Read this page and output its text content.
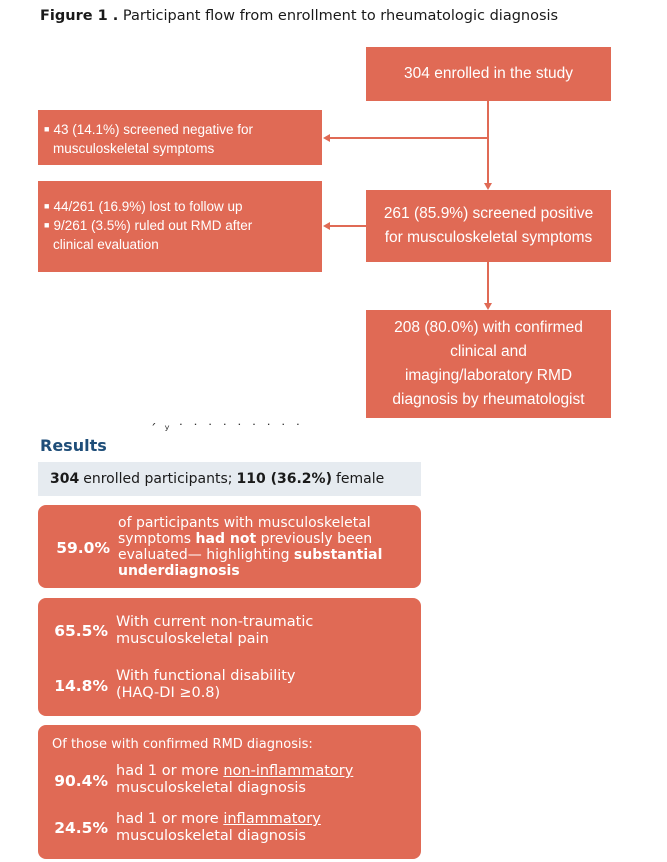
Figure 1 . Participant flow from enrollment to rheumatologic diagnosis
304 enrolled in the study
■ 43 (14.1%) screened negative for
musculoskeletal symptoms
■ 44/261 (16.9%) lost to follow up
■ 9/261 (3.5%) ruled out RMD after
clinical evaluation
261 (85.9%) screened positive
for musculoskeletal symptoms
208 (80.0%) with confirmed
clinical and
imaging/laboratory RMD
diagnosis by rheumatologist
ˊ ʸ ˙ ˙ ˙ ˙ ˙ ˙ ˙ ˙ ˙
Results
304 enrolled participants; 110 (36.2%) female
59.0%
of participants with musculoskeletal
symptoms had not previously been
evaluated— highlighting substantial
underdiagnosis
65.5% With current non-traumatic
musculoskeletal pain
14.8%
With functional disability
(HAQ-DI ≥0.8)
Of those with confirmed RMD diagnosis:
90.4%
had 1 or more non-inflammatory
musculoskeletal diagnosis
24.5% had 1 or more inflammatory
musculoskeletal diagnosis
